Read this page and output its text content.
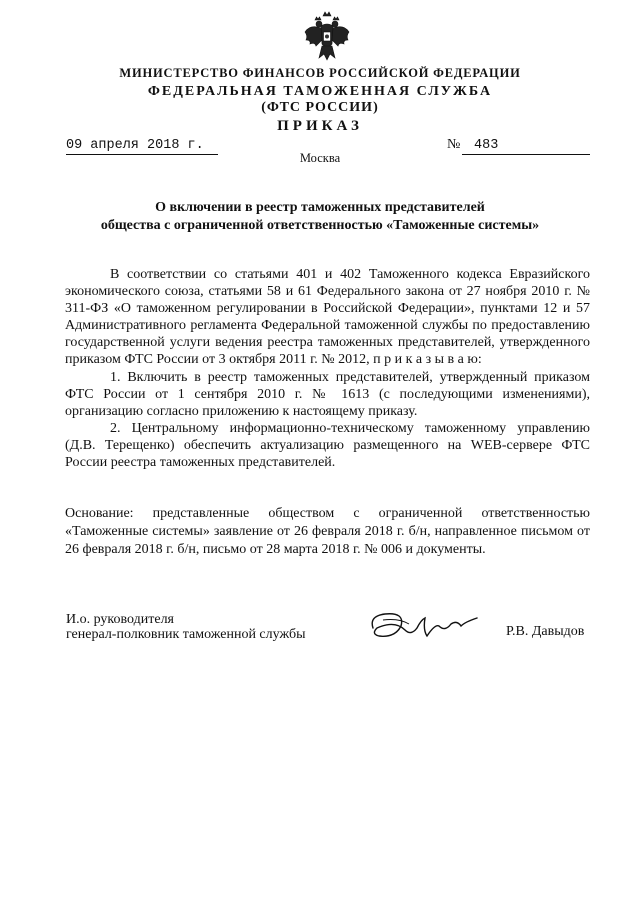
МИНИСТЕРСТВО ФИНАНСОВ РОССИЙСКОЙ ФЕДЕРАЦИИ
ФЕДЕРАЛЬНАЯ ТАМОЖЕННАЯ СЛУЖБА
(ФТС РОССИИ)
ПРИКАЗ
09 апреля 2018 г.	№	483
Москва
О включении в реестр таможенных представителей
общества с ограниченной ответственностью «Таможенные системы»

В соответствии со статьями 401 и 402 Таможенного кодекса Евразийского экономического союза, статьями 58 и 61 Федерального закона от 27 ноября 2010 г. № 311-ФЗ «О таможенном регулировании в Российской Федерации», пунктами 12 и 57 Административного регламента Федеральной таможенной службы по предоставлению государственной услуги ведения реестра таможенных представителей, утвержденного приказом ФТС России от 3 октября 2011 г. № 2012, п р и к а з ы в а ю:

1. Включить в реестр таможенных представителей, утвержденный приказом ФТС России от 1 сентября 2010 г. № 1613 (с последующими изменениями), организацию согласно приложению к настоящему приказу.

2. Центральному информационно-техническому таможенному управлению (Д.В. Терещенко) обеспечить актуализацию размещенного на WEB-сервере ФТС России реестра таможенных представителей.

Основание: представленные обществом с ограниченной ответственностью «Таможенные системы» заявление от 26 февраля 2018 г. б/н, направленное письмом от 26 февраля 2018 г. б/н, письмо от 28 марта 2018 г. № 006 и документы.
И.о. руководителя
генерал-полковник таможенной службы	Р.В. Давыдов
